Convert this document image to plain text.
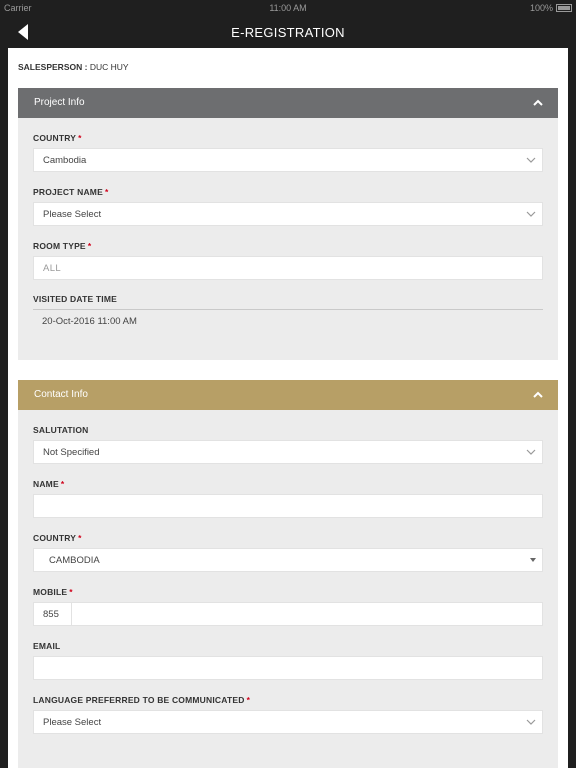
Carrier	11:00 AM	100%
E-REGISTRATION
SALESPERSON : DUC HUY
Project Info
COUNTRY *
Cambodia
PROJECT NAME *
Please Select
ROOM TYPE *
ALL
VISITED DATE TIME
20-Oct-2016 11:00 AM
Contact Info
SALUTATION
Not Specified
NAME *
COUNTRY *
CAMBODIA
MOBILE *
855
EMAIL
LANGUAGE PREFERRED TO BE COMMUNICATED *
Please Select
